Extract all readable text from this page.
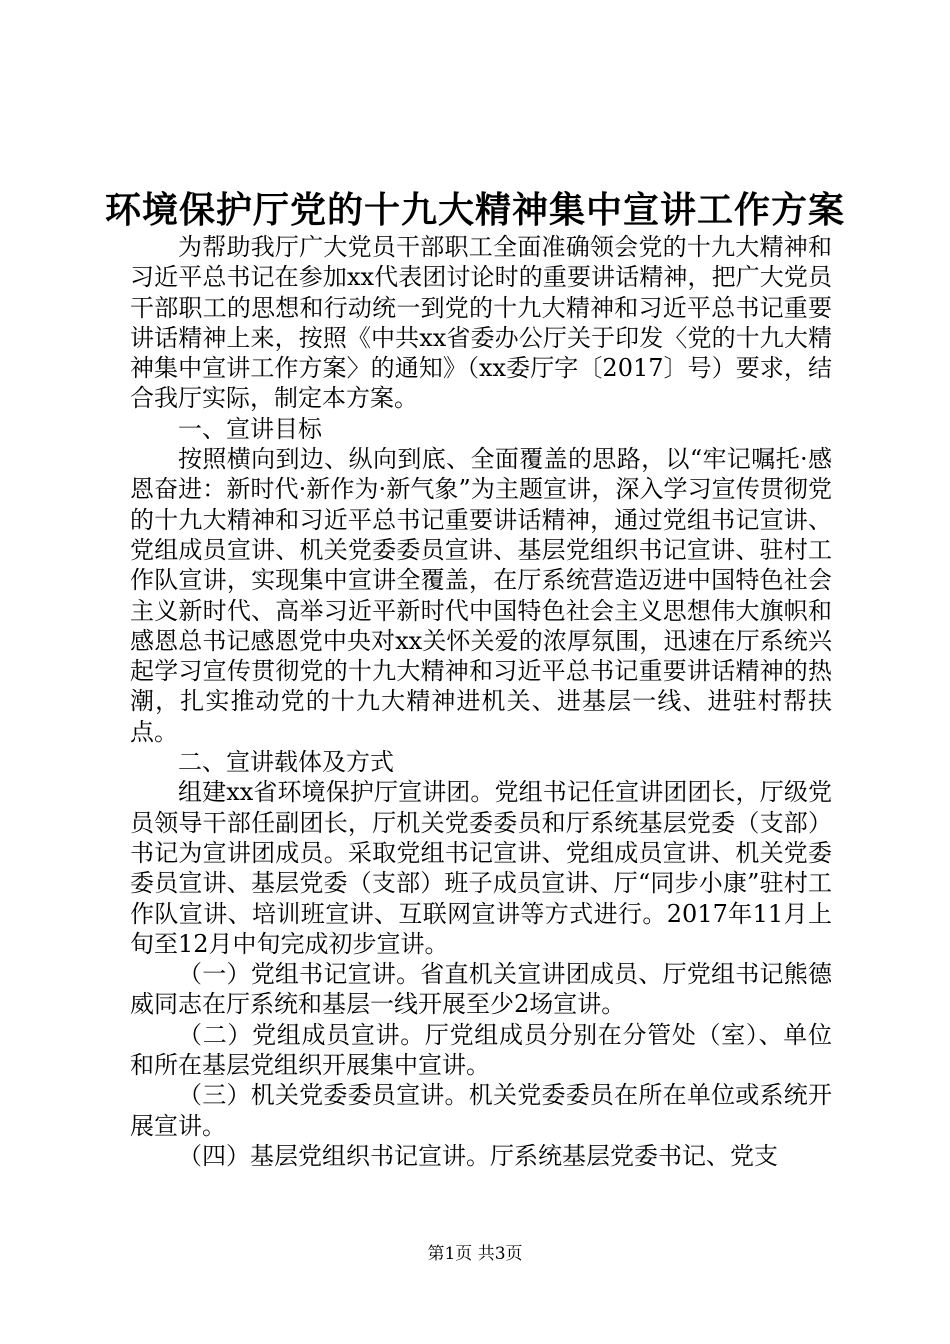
环境保护厅党的十九大精神集中宣讲工作方案

为帮助我厅广大党员干部职工全面准确领会党的十九大精神和习近平总书记在参加xx代表团讨论时的重要讲话精神，把广大党员干部职工的思想和行动统一到党的十九大精神和习近平总书记重要讲话精神上来，按照《中共xx省委办公厅关于印发〈党的十九大精神集中宣讲工作方案〉的通知》（xx委厅字〔2017〕号）要求，结合我厅实际，制定本方案。

一、宣讲目标

按照横向到边、纵向到底、全面覆盖的思路，以“牢记嘱托·感恩奋进：新时代·新作为·新气象”为主题宣讲，深入学习宣传贯彻党的十九大精神和习近平总书记重要讲话精神，通过党组书记宣讲、党组成员宣讲、机关党委委员宣讲、基层党组织书记宣讲、驻村工作队宣讲，实现集中宣讲全覆盖，在厅系统营造迈进中国特色社会主义新时代、高举习近平新时代中国特色社会主义思想伟大旗帜和感恩总书记感恩党中央对xx关怀关爱的浓厚氛围，迅速在厅系统兴起学习宣传贯彻党的十九大精神和习近平总书记重要讲话精神的热潮，扎实推动党的十九大精神进机关、进基层一线、进驻村帮扶点。

二、宣讲载体及方式

组建xx省环境保护厅宣讲团。党组书记任宣讲团团长，厅级党员领导干部任副团长，厅机关党委委员和厅系统基层党委（支部）书记为宣讲团成员。采取党组书记宣讲、党组成员宣讲、机关党委委员宣讲、基层党委（支部）班子成员宣讲、厅“同步小康”驻村工作队宣讲、培训班宣讲、互联网宣讲等方式进行。2017年11月上旬至12月中旬完成初步宣讲。

（一）党组书记宣讲。省直机关宣讲团成员、厅党组书记熊德威同志在厅系统和基层一线开展至少2场宣讲。

（二）党组成员宣讲。厅党组成员分别在分管处（室）、单位和所在基层党组织开展集中宣讲。

（三）机关党委委员宣讲。机关党委委员在所在单位或系统开展宣讲。

（四）基层党组织书记宣讲。厅系统基层党委书记、党支

第1页 共3页
